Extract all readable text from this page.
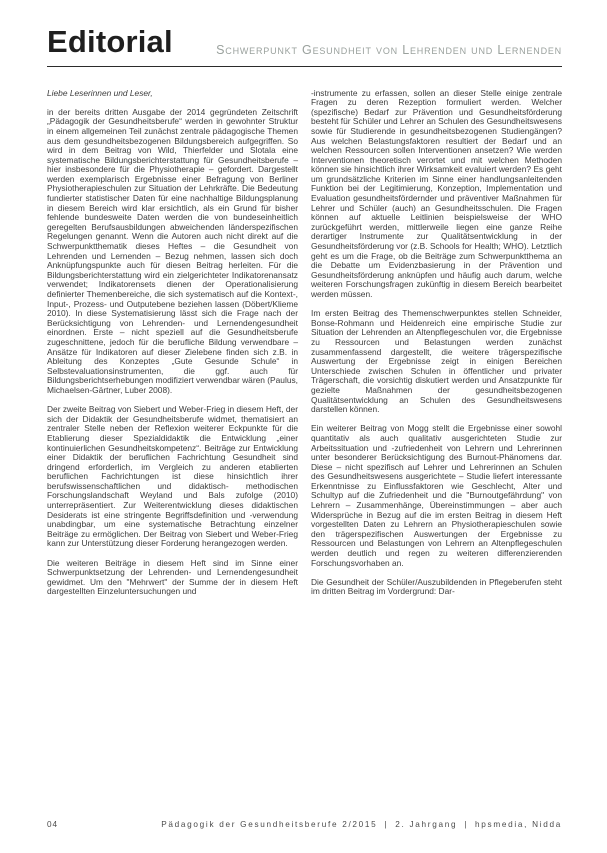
Editorial	Schwerpunkt Gesundheit von Lehrenden und Lernenden

Liebe Leserinnen und Leser,

in der bereits dritten Ausgabe der 2014 gegründeten Zeitschrift „Pädagogik der Gesundheitsberufe“ werden in gewohnter Struktur in einem allgemeinen Teil zunächst zentrale pädagogische Themen aus dem gesundheitsbezogenen Bildungsbereich aufgegriffen. So wird in dem Beitrag von Wild, Thierfelder und Slotala eine systematische Bildungsberichterstattung für Gesundheitsberufe – hier insbesondere für die Physiotherapie – gefordert. Dargestellt werden exemplarisch Ergebnisse einer Befragung von Berliner Physiotherapieschulen zur Situation der Lehrkräfte. Die Bedeutung fundierter statistischer Daten für eine nachhaltige Bildungsplanung in diesem Bereich wird klar ersichtlich, als ein Grund für bisher fehlende bundesweite Daten werden die von bundeseinheitlich geregelten Berufsausbildungen abweichenden länderspezifischen Regelungen genannt. Wenn die Autoren auch nicht direkt auf die Schwerpunktthematik dieses Heftes – die Gesundheit von Lehrenden und Lernenden – Bezug nehmen, lassen sich doch Anknüpfungspunkte auch für diesen Beitrag herleiten. Für die Bildungsberichterstattung wird ein zielgerichteter Indikatorenansatz verwendet; Indikatorensets dienen der Operationalisierung definierter Themenbereiche, die sich systematisch auf die Kontext-, Input-, Prozess- und Outputebene beziehen lassen (Döbert/Klieme 2010). In diese Systematisierung lässt sich die Frage nach der Berücksichtigung von Lehrenden- und Lernendengesundheit einordnen. Erste – nicht speziell auf die Gesundheitsberufe zugeschnittene, jedoch für die berufliche Bildung verwendbare – Ansätze für Indikatoren auf dieser Zielebene finden sich z.B. in Ableitung des Konzeptes „Gute Gesunde Schule“ in Selbstevaluationsinstrumenten, die ggf. auch für Bildungsberichtserhebungen modifiziert verwendbar wären (Paulus, Michaelsen-Gärtner, Luber 2008).

Der zweite Beitrag von Siebert und Weber-Frieg in diesem Heft, der sich der Didaktik der Gesundheitsberufe widmet, thematisiert an zentraler Stelle neben der Reflexion weiterer Eckpunkte für die Etablierung dieser Spezialdidaktik die Entwicklung „einer kontinuierlichen Gesundheitskompetenz“. Beiträge zur Entwicklung einer Didaktik der beruflichen Fachrichtung Gesundheit sind dringend erforderlich, im Vergleich zu anderen etablierten beruflichen Fachrichtungen ist diese hinsichtlich ihrer berufswissenschaftlichen und didaktisch- methodischen Forschungslandschaft Weyland und Bals zufolge (2010) unterrepräsentiert. Zur Weiterentwicklung dieses didaktischen Desiderats ist eine stringente Begriffsdefinition und -verwendung unabdingbar, um eine systematische Betrachtung einzelner Beiträge zu ermöglichen. Der Beitrag von Siebert und Weber-Frieg kann zur Unterstützung dieser Forderung herangezogen werden.

Die weiteren Beiträge in diesem Heft sind im Sinne einer Schwerpunktsetzung der Lehrenden- und Lernendengesundheit gewidmet. Um den "Mehrwert" der Summe der in diesem Heft dargestellten Einzeluntersuchungen und

-instrumente zu erfassen, sollen an dieser Stelle einige zentrale Fragen zu deren Rezeption formuliert werden. Welcher (spezifische) Bedarf zur Prävention und Gesundheitsförderung besteht für Schüler und Lehrer an Schulen des Gesundheitswesens sowie für Studierende in gesundheitsbezogenen Studiengängen? Aus welchen Belastungsfaktoren resultiert der Bedarf und an welchen Ressourcen sollen Interventionen ansetzen? Wie werden Interventionen theoretisch verortet und mit welchen Methoden können sie hinsichtlich ihrer Wirksamkeit evaluiert werden? Es geht um grundsätzliche Kriterien im Sinne einer handlungsanleitenden Funktion bei der Legitimierung, Konzeption, Implementation und Evaluation gesundheitsfördernder und präventiver Maßnahmen für Lehrer und Schüler (auch) an Gesundheitsschulen. Die Fragen können auf aktuelle Leitlinien beispielsweise der WHO zurückgeführt werden, mittlerweile liegen eine ganze Reihe derartiger Instrumente zur Qualitätsentwicklung in der Gesundheitsförderung vor (z.B. Schools for Health; WHO). Letztlich geht es um die Frage, ob die Beiträge zum Schwerpunktthema an die Debatte um Evidenzbasierung in der Prävention und Gesundheitsförderung anknüpfen und häufig auch darum, welche weiteren Forschungsfragen zukünftig in diesem Bereich bearbeitet werden müssen.

Im ersten Beitrag des Themenschwerpunktes stellen Schneider, Bonse-Rohmann und Heidenreich eine empirische Studie zur Situation der Lehrenden an Altenpflegeschulen vor, die Ergebnisse zu Ressourcen und Belastungen werden zunächst zusammenfassend dargestellt, die weitere trägerspezifische Auswertung der Ergebnisse zeigt in einigen Bereichen Unterschiede zwischen Schulen in öffentlicher und privater Trägerschaft, die vorsichtig diskutiert werden und Ansatzpunkte für gezielte Maßnahmen der gesundheitsbezogenen Qualitätsentwicklung an Schulen des Gesundheitswesens darstellen können.

Ein weiterer Beitrag von Mogg stellt die Ergebnisse einer sowohl quantitativ als auch qualitativ ausgerichteten Studie zur Arbeitssituation und -zufriedenheit von Lehrern und Lehrerinnen unter besonderer Berücksichtigung des Burnout-Phänomens dar. Diese – nicht spezifisch auf Lehrer und Lehrerinnen an Schulen des Gesundheitswesens ausgerichtete – Studie liefert interessante Erkenntnisse zu Einflussfaktoren wie Geschlecht, Alter und Schultyp auf die Zufriedenheit und die "Burnoutgefährdung" von Lehrern – Zusammenhänge, Übereinstimmungen – aber auch Widersprüche in Bezug auf die im ersten Beitrag in diesem Heft vorgestellten Daten zu Lehrern an Physiotherapieschulen sowie den trägerspezifischen Auswertungen der Ergebnisse zu Ressourcen und Belastungen von Lehrern an Altenpflegeschulen werden deutlich und regen zu weiteren differenzierenden Forschungsvorhaben an.

Die Gesundheit der Schüler/Auszubildenden in Pflegeberufen steht im dritten Beitrag im Vordergrund: Dar-

04	Pädagogik der Gesundheitsberufe 2/2015 | 2. Jahrgang | hpsmedia, Nidda
